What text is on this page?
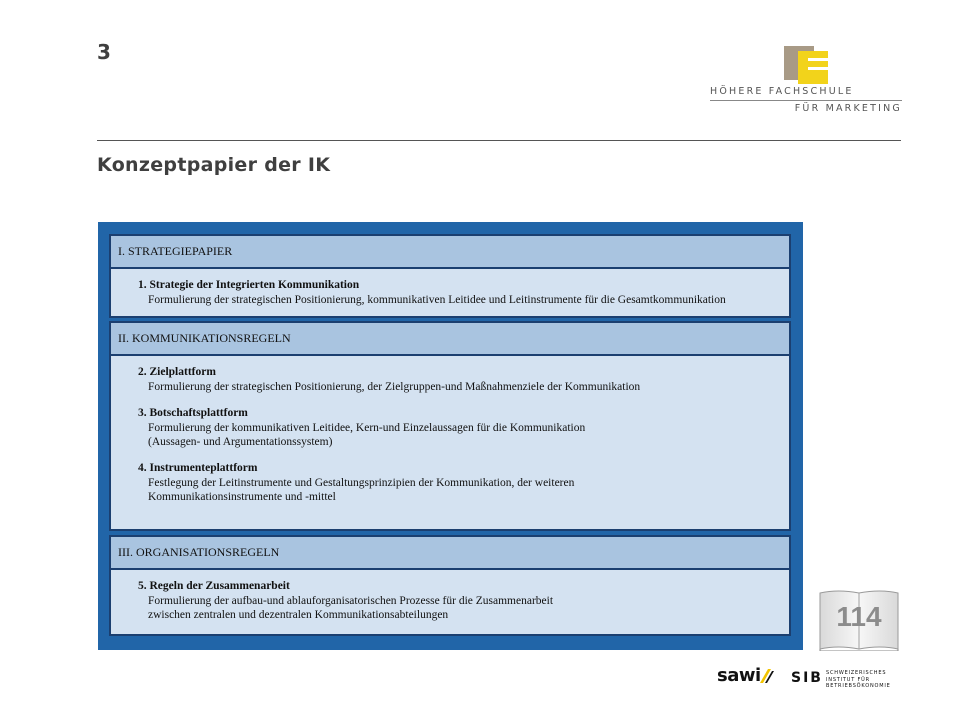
3
HÖHERE FACHSCHULE
FÜR MARKETING
Konzeptpapier der IK
I. STRATEGIEPAPIER
1. Strategie der Integrierten Kommunikation
Formulierung der strategischen Positionierung, kommunikativen Leitidee und Leitinstrumente für die Gesamtkommunikation
II. KOMMUNIKATIONSREGELN
2. Zielplattform
Formulierung der strategischen Positionierung, der Zielgruppen-und Maßnahmenziele der Kommunikation
3. Botschaftsplattform
Formulierung der kommunikativen Leitidee, Kern-und Einzelaussagen für die Kommunikation
(Aussagen- und Argumentationssystem)
4. Instrumenteplattform
Festlegung der Leitinstrumente und Gestaltungsprinzipien der Kommunikation, der weiteren
Kommunikationsinstrumente und -mittel
III. ORGANISATIONSREGELN
5. Regeln der Zusammenarbeit
Formulierung der aufbau-und ablauforganisatorischen Prozesse für die Zusammenarbeit
zwischen zentralen und dezentralen Kommunikationsabteilungen	114
sawi SIB SCHWEIZERISCHES
INSTITUT FÜR
BETRIEBSÖKONOMIE
